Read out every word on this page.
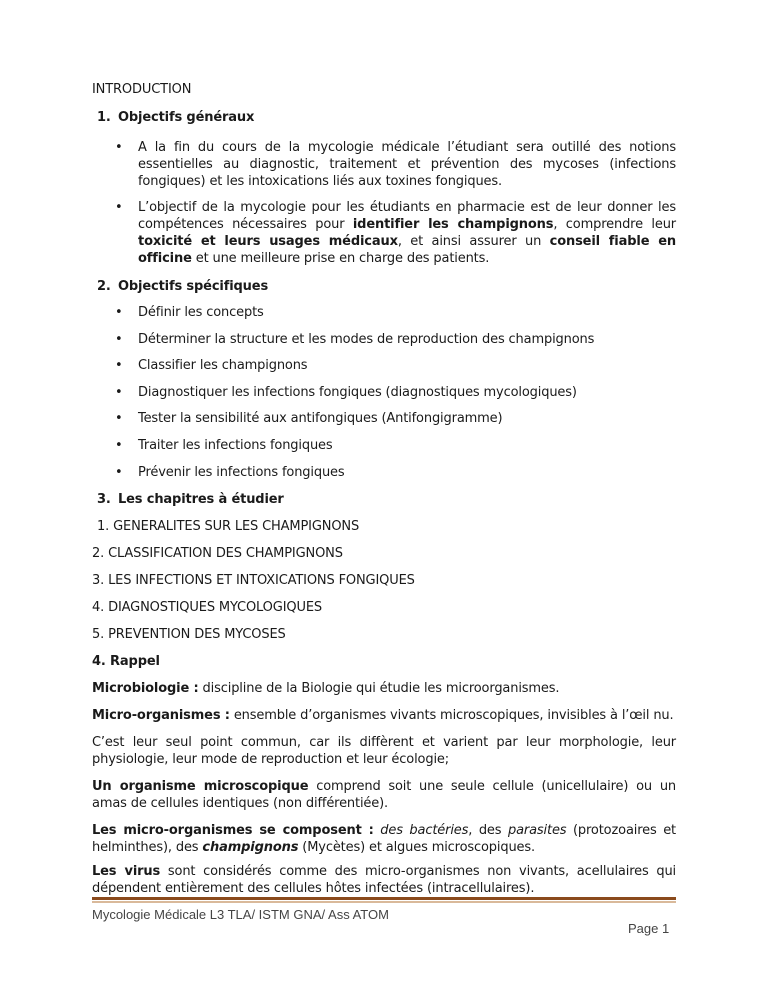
INTRODUCTION
1. Objectifs généraux
• A la fin du cours de la mycologie médicale l’étudiant sera outillé des notions essentielles au diagnostic, traitement et prévention des mycoses (infections fongiques) et les intoxications liés aux toxines fongiques.
• L’objectif de la mycologie pour les étudiants en pharmacie est de leur donner les compétences nécessaires pour identifier les champignons, comprendre leur toxicité et leurs usages médicaux, et ainsi assurer un conseil fiable en officine et une meilleure prise en charge des patients.
2. Objectifs spécifiques
• Définir les concepts
• Déterminer la structure et les modes de reproduction des champignons
• Classifier les champignons
• Diagnostiquer les infections fongiques (diagnostiques mycologiques)
• Tester la sensibilité aux antifongiques (Antifongigramme)
• Traiter les infections fongiques
• Prévenir les infections fongiques
3. Les chapitres à étudier
1. GENERALITES SUR LES CHAMPIGNONS
2. CLASSIFICATION DES CHAMPIGNONS
3. LES INFECTIONS ET INTOXICATIONS FONGIQUES
4. DIAGNOSTIQUES MYCOLOGIQUES
5. PREVENTION DES MYCOSES
4. Rappel
Microbiologie : discipline de la Biologie qui étudie les microorganismes.
Micro-organismes : ensemble d’organismes vivants microscopiques, invisibles à l’œil nu.
C’est leur seul point commun, car ils diffèrent et varient par leur morphologie, leur physiologie, leur mode de reproduction et leur écologie;
Un organisme microscopique comprend soit une seule cellule (unicellulaire) ou un amas de cellules identiques (non différentiée).
Les micro-organismes se composent : des bactéries, des parasites (protozoaires et helminthes), des champignons (Mycètes) et algues microscopiques.
Les virus sont considérés comme des micro-organismes non vivants, acellulaires qui dépendent entièrement des cellules hôtes infectées (intracellulaires).
Mycologie Médicale L3 TLA/ ISTM GNA/ Ass ATOM
Page 1
